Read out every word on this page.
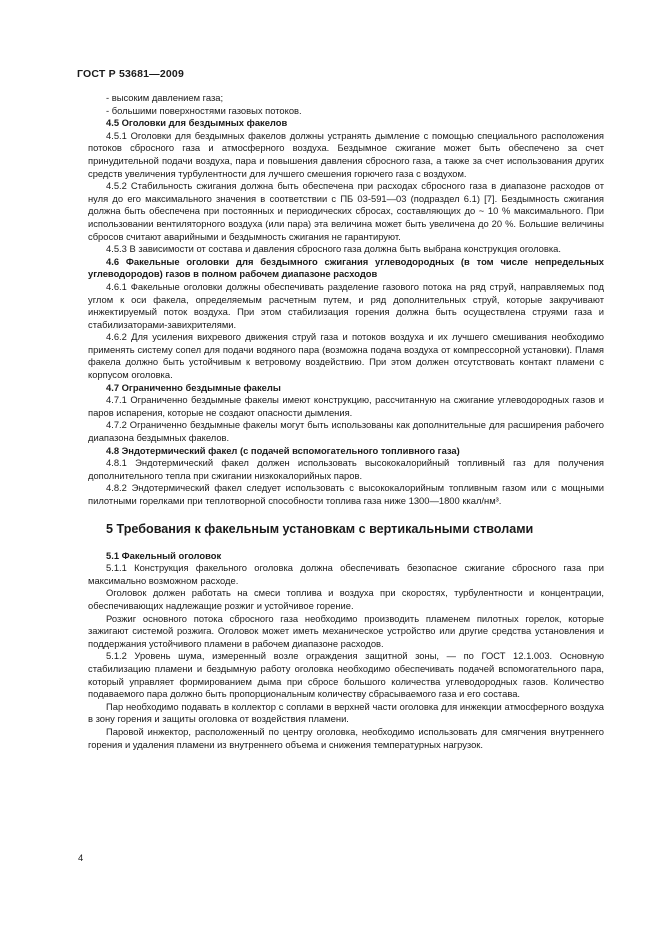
ГОСТ Р 53681—2009

- высоким давлением газа;

- большими поверхностями газовых потоков.

4.5 Оголовки для бездымных факелов

4.5.1 Оголовки для бездымных факелов должны устранять дымление с помощью специального расположения потоков сбросного газа и атмосферного воздуха. Бездымное сжигание может быть обеспечено за счет принудительной подачи воздуха, пара и повышения давления сбросного газа, а также за счет использования других средств увеличения турбулентности для лучшего смешения горючего газа с воздухом.

4.5.2 Стабильность сжигания должна быть обеспечена при расходах сбросного газа в диапазоне расходов от нуля до его максимального значения в соответствии с ПБ 03-591—03 (подраздел 6.1) [7]. Бездымность сжигания должна быть обеспечена при постоянных и периодических сбросах, составляющих до ~ 10 % максимального. При использовании вентиляторного воздуха (или пара) эта величина может быть увеличена до 20 %. Большие величины сбросов считают аварийными и бездымность сжигания не гарантируют.

4.5.3 В зависимости от состава и давления сбросного газа должна быть выбрана конструкция оголовка.

4.6 Факельные оголовки для бездымного сжигания углеводородных (в том числе непредельных углеводородов) газов в полном рабочем диапазоне расходов

4.6.1 Факельные оголовки должны обеспечивать разделение газового потока на ряд струй, направляемых под углом к оси факела, определяемым расчетным путем, и ряд дополнительных струй, которые закручивают инжектируемый поток воздуха. При этом стабилизация горения должна быть осуществлена струями газа и стабилизаторами-завихрителями.

4.6.2 Для усиления вихревого движения струй газа и потоков воздуха и их лучшего смешивания необходимо применять систему сопел для подачи водяного пара (возможна подача воздуха от компрессорной установки). Пламя факела должно быть устойчивым к ветровому воздействию. При этом должен отсутствовать контакт пламени с корпусом оголовка.

4.7 Ограниченно бездымные факелы

4.7.1 Ограниченно бездымные факелы имеют конструкцию, рассчитанную на сжигание углеводородных газов и паров испарения, которые не создают опасности дымления.

4.7.2 Ограниченно бездымные факелы могут быть использованы как дополнительные для расширения рабочего диапазона бездымных факелов.

4.8 Эндотермический факел (с подачей вспомогательного топливного газа)

4.8.1 Эндотермический факел должен использовать высококалорийный топливный газ для получения дополнительного тепла при сжигании низкокалорийных паров.

4.8.2 Эндотермический факел следует использовать с высококалорийным топливным газом или с мощными пилотными горелками при теплотворной способности топлива газа ниже 1300—1800 ккал/нм³.

5 Требования к факельным установкам с вертикальными стволами

5.1 Факельный оголовок

5.1.1 Конструкция факельного оголовка должна обеспечивать безопасное сжигание сбросного газа при максимально возможном расходе.

Оголовок должен работать на смеси топлива и воздуха при скоростях, турбулентности и концентрации, обеспечивающих надлежащие розжиг и устойчивое горение.

Розжиг основного потока сбросного газа необходимо производить пламенем пилотных горелок, которые зажигают системой розжига. Оголовок может иметь механическое устройство или другие средства установления и поддержания устойчивого пламени в рабочем диапазоне расходов.

5.1.2 Уровень шума, измеренный возле ограждения защитной зоны, — по ГОСТ 12.1.003. Основную стабилизацию пламени и бездымную работу оголовка необходимо обеспечивать подачей вспомогательного пара, который управляет формированием дыма при сбросе большого количества углеводородных газов. Количество подаваемого пара должно быть пропорциональным количеству сбрасываемого газа и его состава.

Пар необходимо подавать в коллектор с соплами в верхней части оголовка для инжекции атмосферного воздуха в зону горения и защиты оголовка от воздействия пламени.

Паровой инжектор, расположенный по центру оголовка, необходимо использовать для смягчения внутреннего горения и удаления пламени из внутреннего объема и снижения температурных нагрузок.

4
